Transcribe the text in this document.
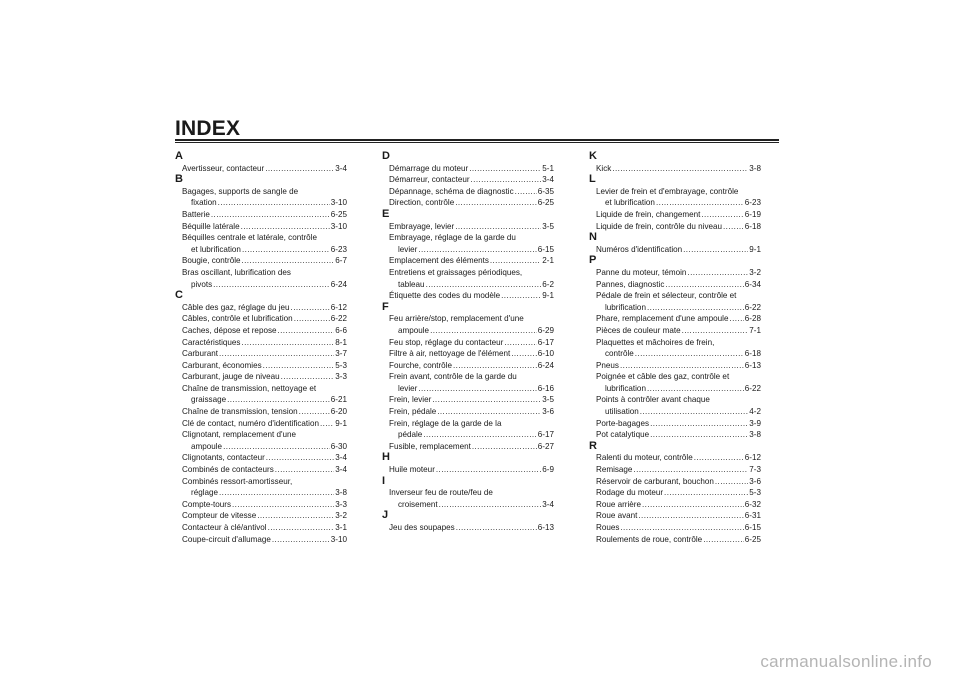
INDEX
A
Avertisseur, contacteur .....	3-4
B
Bagages, supports de sangle de
fixation .....	3-10
Batterie .....	6-25
Béquille latérale .....	3-10
Béquilles centrale et latérale, contrôle
et lubrification .....	6-23
Bougie, contrôle .....	6-7
Bras oscillant, lubrification des
pivots .....	6-24
C
Câble des gaz, réglage du jeu .....	6-12
Câbles, contrôle et lubrification .....	6-22
Caches, dépose et repose .....	6-6
Caractéristiques .....	8-1
Carburant .....	3-7
Carburant, économies .....	5-3
Carburant, jauge de niveau .....	3-3
Chaîne de transmission, nettoyage et
graissage .....	6-21
Chaîne de transmission, tension .....	6-20
Clé de contact, numéro d'identification ..... 9-1
Clignotant, remplacement d'une
ampoule .....	6-30
Clignotants, contacteur .....	3-4
Combinés de contacteurs .....	3-4
Combinés ressort-amortisseur,
réglage .....	3-8
Compte-tours .....	3-3
Compteur de vitesse .....	3-2
Contacteur à clé/antivol .....	3-1
Coupe-circuit d'allumage .....	3-10
D
Démarrage du moteur .....	5-1
Démarreur, contacteur .....	3-4
Dépannage, schéma de diagnostic .....	6-35
Direction, contrôle .....	6-25
E
Embrayage, levier .....	3-5
Embrayage, réglage de la garde du
levier .....	6-15
Emplacement des éléments .....	2-1
Entretiens et graissages périodiques,
tableau .....	6-2
Étiquette des codes du modèle .....	9-1
F
Feu arrière/stop, remplacement d'une
ampoule .....	6-29
Feu stop, réglage du contacteur .....	6-17
Filtre à air, nettoyage de l'élément .....	6-10
Fourche, contrôle .....	6-24
Frein avant, contrôle de la garde du
levier .....	6-16
Frein, levier .....	3-5
Frein, pédale .....	3-6
Frein, réglage de la garde de la
pédale .....	6-17
Fusible, remplacement .....	6-27
H
Huile moteur .....	6-9
I
Inverseur feu de route/feu de
croisement .....	3-4
J
Jeu des soupapes .....	6-13
K
Kick .....	3-8
L
Levier de frein et d'embrayage, contrôle
et lubrification .....	6-23
Liquide de frein, changement .....	6-19
Liquide de frein, contrôle du niveau .....	6-18
N
Numéros d'identification .....	9-1
P
Panne du moteur, témoin .....	3-2
Pannes, diagnostic .....	6-34
Pédale de frein et sélecteur, contrôle et
lubrification .....	6-22
Phare, remplacement d'une ampoule ..... 6-28
Pièces de couleur mate .....	7-1
Plaquettes et mâchoires de frein,
contrôle .....	6-18
Pneus .....	6-13
Poignée et câble des gaz, contrôle et
lubrification .....	6-22
Points à contrôler avant chaque
utilisation .....	4-2
Porte-bagages .....	3-9
Pot catalytique .....	3-8
R
Ralenti du moteur, contrôle .....	6-12
Remisage .....	7-3
Réservoir de carburant, bouchon .....	3-6
Rodage du moteur .....	5-3
Roue arrière .....	6-32
Roue avant .....	6-31
Roues .....	6-15
Roulements de roue, contrôle .....	6-25
carmanualsonline.info
